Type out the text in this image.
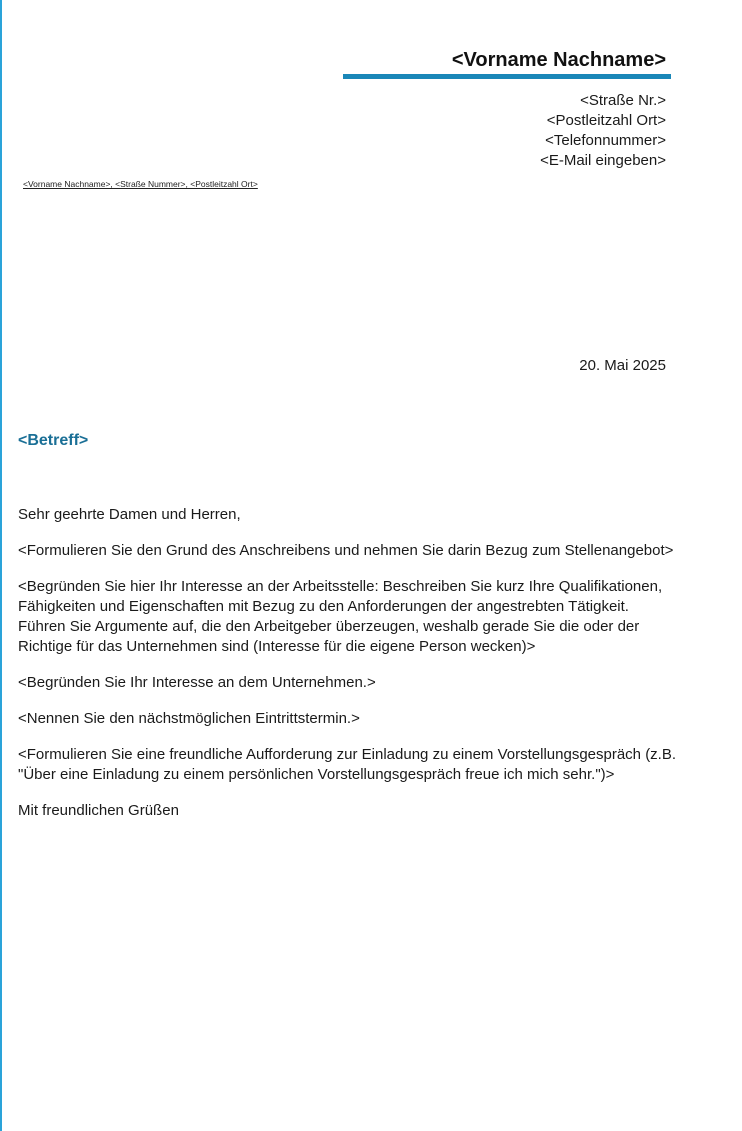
<Vorname Nachname>
<Straße Nr.>
<Postleitzahl Ort>
<Telefonnummer>
<E-Mail eingeben>
<Vorname Nachname>, <Straße Nummer>, <Postleitzahl Ort>
20. Mai 2025
<Betreff>

Sehr geehrte Damen und Herren,

<Formulieren Sie den Grund des Anschreibens und nehmen Sie darin Bezug zum Stellenangebot>

<Begründen Sie hier Ihr Interesse an der Arbeitsstelle: Beschreiben Sie kurz Ihre Qualifikationen, Fähigkeiten und Eigenschaften mit Bezug zu den Anforderungen der angestrebten Tätigkeit. Führen Sie Argumente auf, die den Arbeitgeber überzeugen, weshalb gerade Sie die oder der Richtige für das Unternehmen sind (Interesse für die eigene Person wecken)>

<Begründen Sie Ihr Interesse an dem Unternehmen.>

<Nennen Sie den nächstmöglichen Eintrittstermin.>

<Formulieren Sie eine freundliche Aufforderung zur Einladung zu einem Vorstellungsgespräch (z.B. "Über eine Einladung zu einem persönlichen Vorstellungsgespräch freue ich mich sehr.")>

Mit freundlichen Grüßen
